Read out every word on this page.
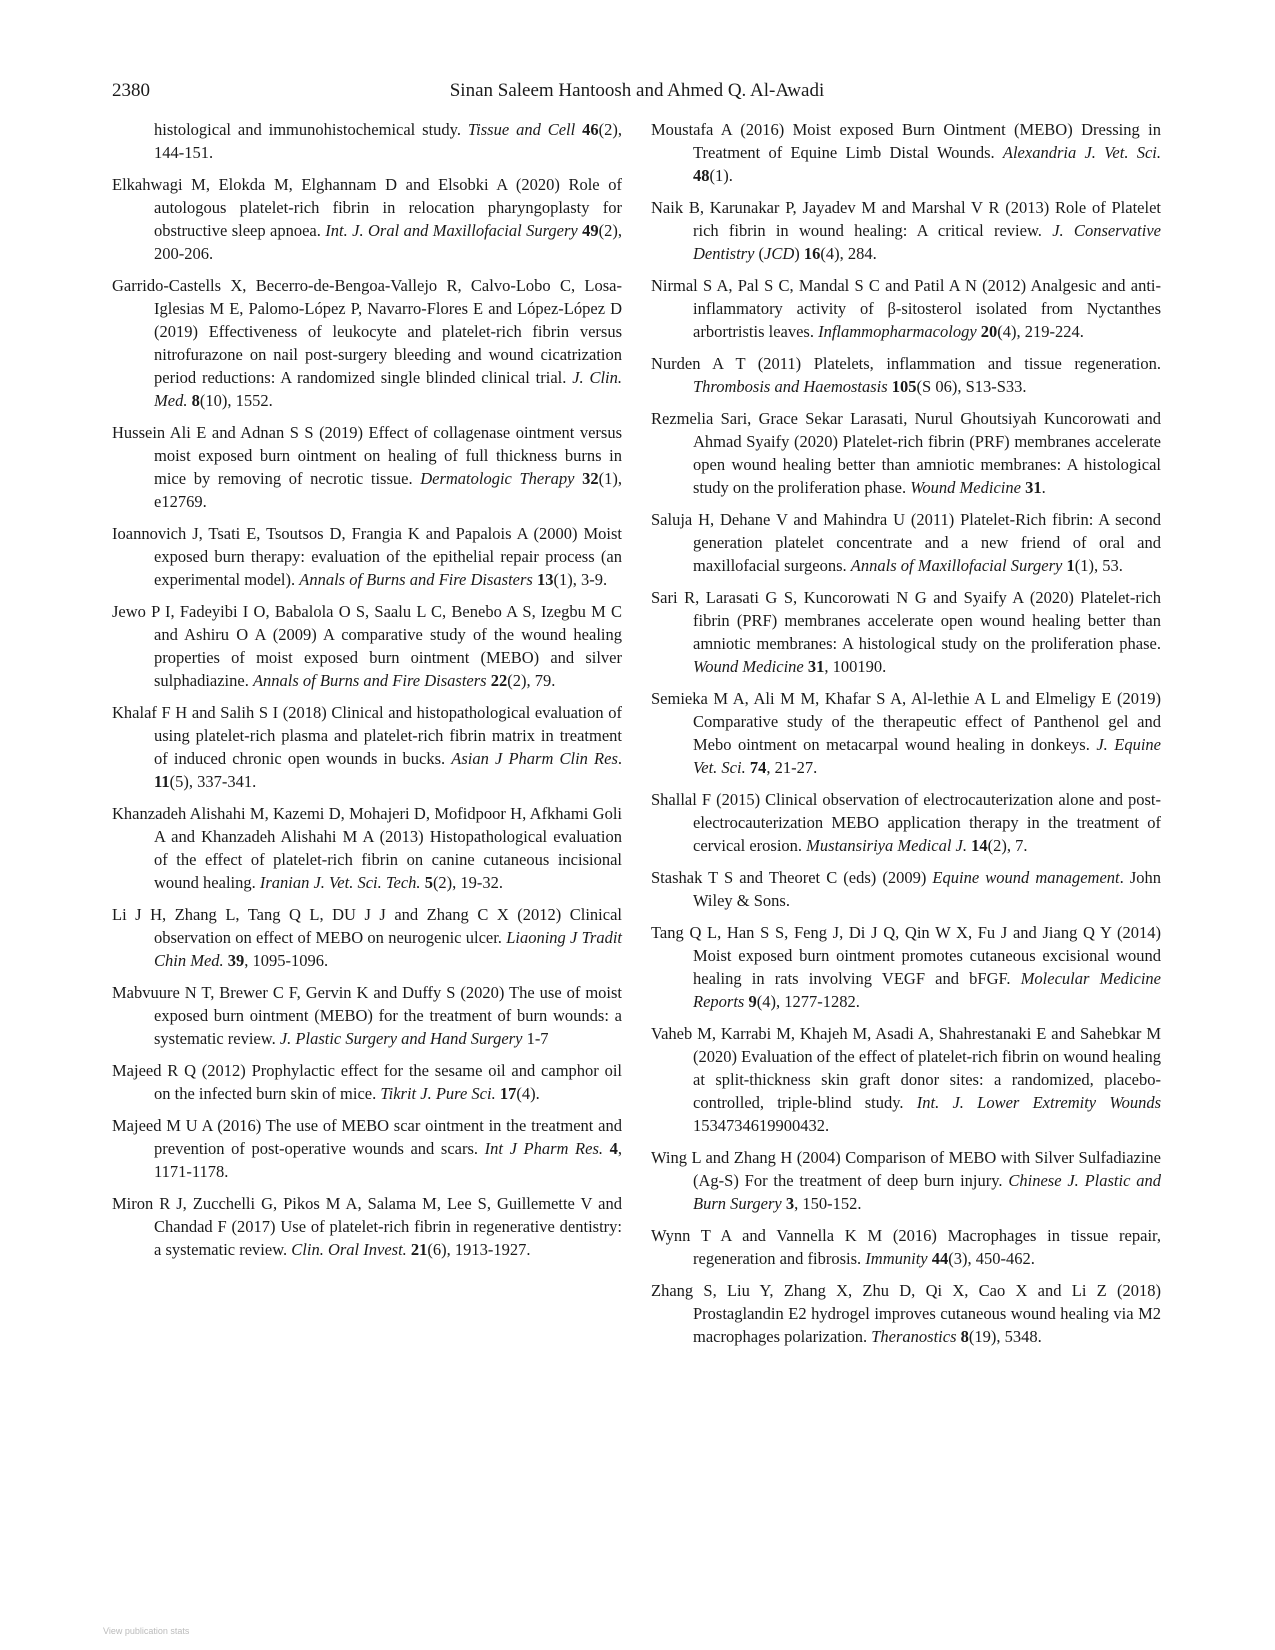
2380	Sinan Saleem Hantoosh and Ahmed Q. Al-Awadi

histological and immunohistochemical study. Tissue and Cell 46(2), 144-151.

Elkahwagi M, Elokda M, Elghannam D and Elsobki A (2020) Role of autologous platelet-rich fibrin in relocation pharyngoplasty for obstructive sleep apnoea. Int. J. Oral and Maxillofacial Surgery 49(2), 200-206.

Garrido-Castells X, Becerro-de-Bengoa-Vallejo R, Calvo-Lobo C, Losa-Iglesias M E, Palomo-López P, Navarro-Flores E and López-López D (2019) Effectiveness of leukocyte and platelet-rich fibrin versus nitrofurazone on nail post-surgery bleeding and wound cicatrization period reductions: A randomized single blinded clinical trial. J. Clin. Med. 8(10), 1552.

Hussein Ali E and Adnan S S (2019) Effect of collagenase ointment versus moist exposed burn ointment on healing of full thickness burns in mice by removing of necrotic tissue. Dermatologic Therapy 32(1), e12769.

Ioannovich J, Tsati E, Tsoutsos D, Frangia K and Papalois A (2000) Moist exposed burn therapy: evaluation of the epithelial repair process (an experimental model). Annals of Burns and Fire Disasters 13(1), 3-9.

Jewo P I, Fadeyibi I O, Babalola O S, Saalu L C, Benebo A S, Izegbu M C and Ashiru O A (2009) A comparative study of the wound healing properties of moist exposed burn ointment (MEBO) and silver sulphadiazine. Annals of Burns and Fire Disasters 22(2), 79.

Khalaf F H and Salih S I (2018) Clinical and histopathological evaluation of using platelet-rich plasma and platelet-rich fibrin matrix in treatment of induced chronic open wounds in bucks. Asian J Pharm Clin Res. 11(5), 337-341.

Khanzadeh Alishahi M, Kazemi D, Mohajeri D, Mofidpoor H, Afkhami Goli A and Khanzadeh Alishahi M A (2013) Histopathological evaluation of the effect of platelet-rich fibrin on canine cutaneous incisional wound healing. Iranian J. Vet. Sci. Tech. 5(2), 19-32.

Li J H, Zhang L, Tang Q L, DU J J and Zhang C X (2012) Clinical observation on effect of MEBO on neurogenic ulcer. Liaoning J Tradit Chin Med. 39, 1095-1096.

Mabvuure N T, Brewer C F, Gervin K and Duffy S (2020) The use of moist exposed burn ointment (MEBO) for the treatment of burn wounds: a systematic review. J. Plastic Surgery and Hand Surgery 1-7

Majeed R Q (2012) Prophylactic effect for the sesame oil and camphor oil on the infected burn skin of mice. Tikrit J. Pure Sci. 17(4).

Majeed M U A (2016) The use of MEBO scar ointment in the treatment and prevention of post-operative wounds and scars. Int J Pharm Res. 4, 1171-1178.

Miron R J, Zucchelli G, Pikos M A, Salama M, Lee S, Guillemette V and Chandad F (2017) Use of platelet-rich fibrin in regenerative dentistry: a systematic review. Clin. Oral Invest. 21(6), 1913-1927.

Moustafa A (2016) Moist exposed Burn Ointment (MEBO) Dressing in Treatment of Equine Limb Distal Wounds. Alexandria J. Vet. Sci. 48(1).

Naik B, Karunakar P, Jayadev M and Marshal V R (2013) Role of Platelet rich fibrin in wound healing: A critical review. J. Conservative Dentistry (JCD) 16(4), 284.

Nirmal S A, Pal S C, Mandal S C and Patil A N (2012) Analgesic and anti-inflammatory activity of β-sitosterol isolated from Nyctanthes arbortristis leaves. Inflammopharmacology 20(4), 219-224.

Nurden A T (2011) Platelets, inflammation and tissue regeneration. Thrombosis and Haemostasis 105(S 06), S13-S33.

Rezmelia Sari, Grace Sekar Larasati, Nurul Ghoutsiyah Kuncorowati and Ahmad Syaify (2020) Platelet-rich fibrin (PRF) membranes accelerate open wound healing better than amniotic membranes: A histological study on the proliferation phase. Wound Medicine 31.

Saluja H, Dehane V and Mahindra U (2011) Platelet-Rich fibrin: A second generation platelet concentrate and a new friend of oral and maxillofacial surgeons. Annals of Maxillofacial Surgery 1(1), 53.

Sari R, Larasati G S, Kuncorowati N G and Syaify A (2020) Platelet-rich fibrin (PRF) membranes accelerate open wound healing better than amniotic membranes: A histological study on the proliferation phase. Wound Medicine 31, 100190.

Semieka M A, Ali M M, Khafar S A, Al-lethie A L and Elmeligy E (2019) Comparative study of the therapeutic effect of Panthenol gel and Mebo ointment on metacarpal wound healing in donkeys. J. Equine Vet. Sci. 74, 21-27.

Shallal F (2015) Clinical observation of electrocauterization alone and post-electrocauterization MEBO application therapy in the treatment of cervical erosion. Mustansiriya Medical J. 14(2), 7.

Stashak T S and Theoret C (eds) (2009) Equine wound management. John Wiley & Sons.

Tang Q L, Han S S, Feng J, Di J Q, Qin W X, Fu J and Jiang Q Y (2014) Moist exposed burn ointment promotes cutaneous excisional wound healing in rats involving VEGF and bFGF. Molecular Medicine Reports 9(4), 1277-1282.

Vaheb M, Karrabi M, Khajeh M, Asadi A, Shahrestanaki E and Sahebkar M (2020) Evaluation of the effect of platelet-rich fibrin on wound healing at split-thickness skin graft donor sites: a randomized, placebo-controlled, triple-blind study. Int. J. Lower Extremity Wounds 1534734619900432.

Wing L and Zhang H (2004) Comparison of MEBO with Silver Sulfadiazine (Ag-S) For the treatment of deep burn injury. Chinese J. Plastic and Burn Surgery 3, 150-152.

Wynn T A and Vannella K M (2016) Macrophages in tissue repair, regeneration and fibrosis. Immunity 44(3), 450-462.

Zhang S, Liu Y, Zhang X, Zhu D, Qi X, Cao X and Li Z (2018) Prostaglandin E2 hydrogel improves cutaneous wound healing via M2 macrophages polarization. Theranostics 8(19), 5348.

View publication stats
